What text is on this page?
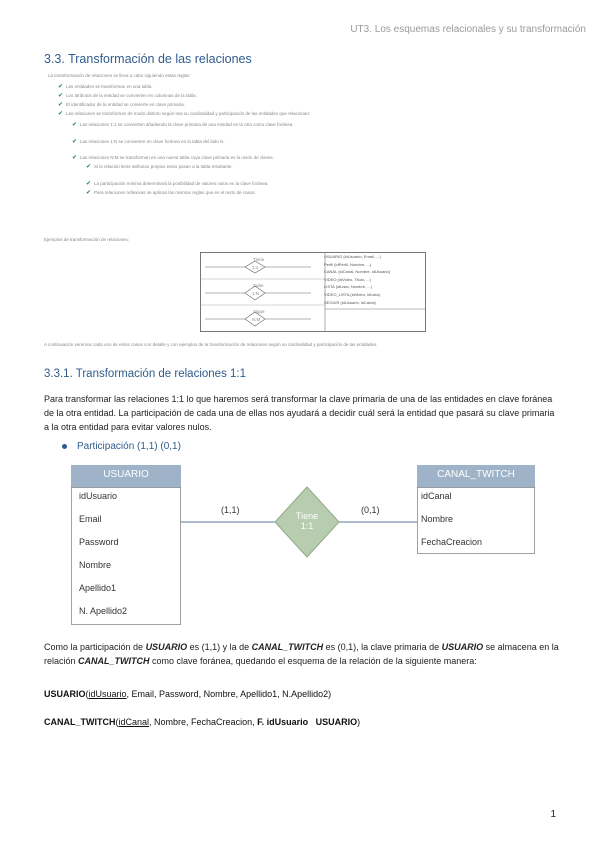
UT3. Los esquemas relacionales y su transformación
3.3. Transformación de las relaciones
La transformación de relaciones se lleva a cabo siguiendo estas reglas:
✔ Las entidades se transforman en una tabla.
✔ Los atributos de la entidad se convierten en columnas de la tabla.
✔ El identificador de la entidad se convierte en clave primaria.
✔ Las relaciones se transforman de modo distinto según sea su cardinalidad y participación de las entidades que relacionan:
✔ Las relaciones 1:1 se convierten añadiendo la clave primaria de una entidad en la otra como clave foránea.
✔ Las relaciones 1:N se convierten en clave foránea en la tabla del lado N.
✔ Las relaciones N:M se transforman en una nueva tabla cuya clave primaria es la unión de claves.
✔ Si la relación tiene atributos propios estos pasan a la tabla resultante.
✔ La participación mínima determinará la posibilidad de valores nulos en la clave foránea.
✔ Para relaciones reflexivas se aplican las mismas reglas que en el resto de casos.
Ejemplos de transformación de relaciones:
Tiene
Sube
Sigue
1:1
1:N
N:M
USUARIO (idUsuario, Email, ...)
Perfil (idPerfil, Nombre, ...)
CANAL (idCanal, Nombre, idUsuario)
VIDEO (idVideo, Titulo, ...)
LISTA (idLista, Nombre, ...)
VIDEO_LISTA (idVideo, idLista)
SEGUIR (idUsuario, idCanal)
A continuación veremos cada uno de estos casos con detalle y con ejemplos de la transformación de relaciones según su cardinalidad y participación de las entidades.
3.3.1. Transformación de relaciones 1:1
Para transformar las relaciones 1:1 lo que haremos será transformar la clave primaria de una de las entidades en clave foránea de la otra entidad. La participación de cada una de ellas nos ayudará a decidir cuál será la entidad que pasará su clave primaria a la otra entidad para evitar valores nulos.
Participación (1,1) (0,1)
USUARIO
idUsuario
Email
Password
Nombre
Apellido1
N. Apellido2
CANAL_TWITCH
idCanal
Nombre
FechaCreacion
(1,1)	(0,1)
Tiene
1:1
Como la participación de USUARIO es (1,1) y la de CANAL_TWITCH es (0,1), la clave primaria de USUARIO se almacena en la relación CANAL_TWITCH como clave foránea, quedando el esquema de la relación de la siguiente manera:
USUARIO(idUsuario, Email, Password, Nombre, Apellido1, N.Apellido2)
CANAL_TWITCH(idCanal, Nombre, FechaCreacion, F. idUsuario USUARIO)
1
